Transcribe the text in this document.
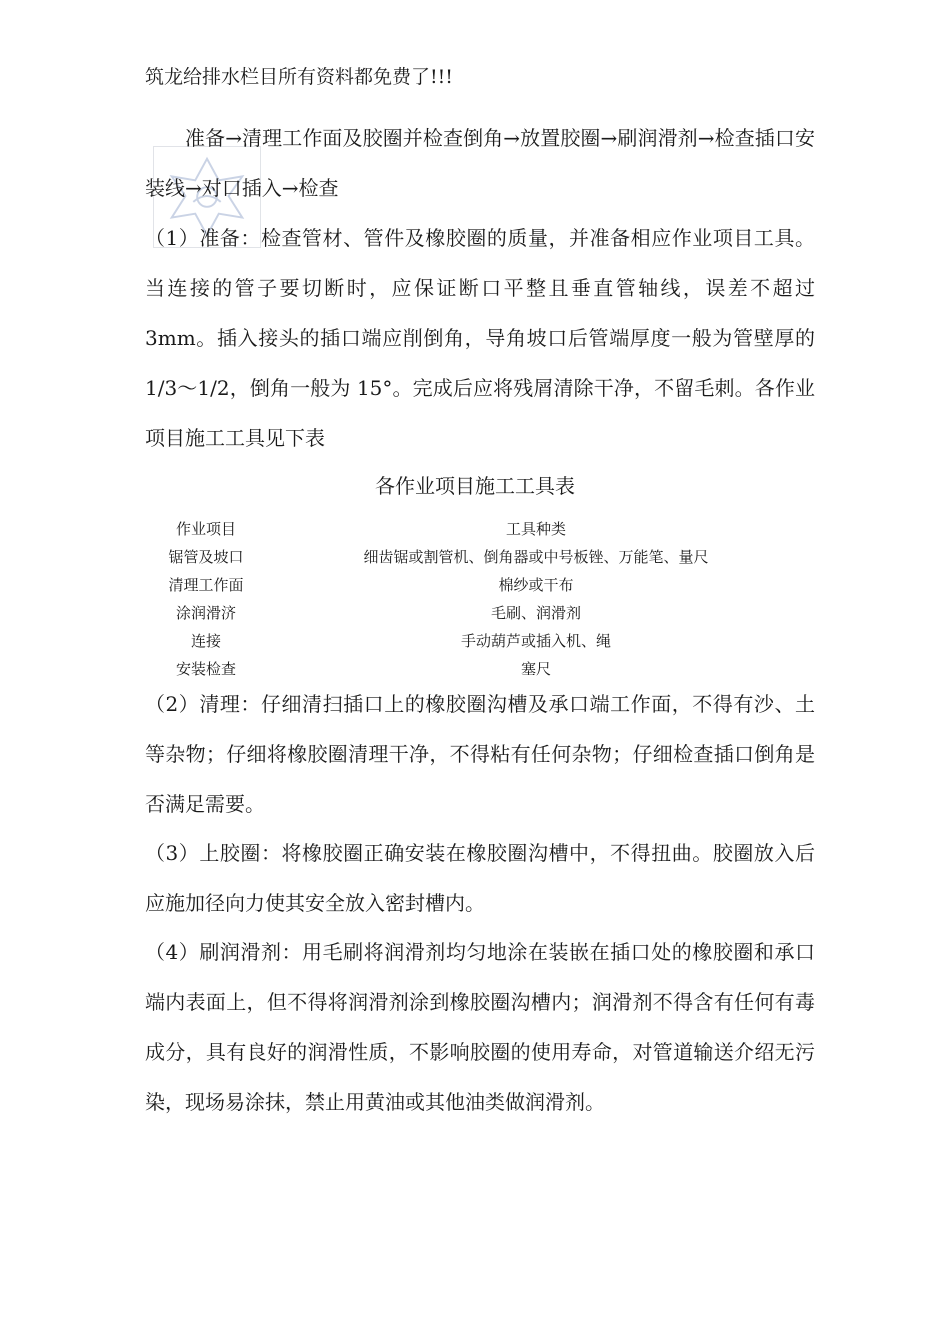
筑龙给排水栏目所有资料都免费了!!!

准备→清理工作面及胶圈并检查倒角→放置胶圈→刷润滑剂→检查插口安装线→对口插入→检查

（1）准备：检查管材、管件及橡胶圈的质量，并准备相应作业项目工具。当连接的管子要切断时，应保证断口平整且垂直管轴线，误差不超过 3mm。插入接头的插口端应削倒角，导角坡口后管端厚度一般为管壁厚的 1/3～1/2，倒角一般为 15°。完成后应将残屑清除干净，不留毛刺。各作业项目施工工具见下表

各作业项目施工工具表
作业项目	工具种类
锯管及坡口	细齿锯或割管机、倒角器或中号板锉、万能笔、量尺
清理工作面	棉纱或干布
涂润滑济	毛刷、润滑剂
连接	手动葫芦或插入机、绳
安装检查	塞尺

（2）清理：仔细清扫插口上的橡胶圈沟槽及承口端工作面，不得有沙、土等杂物；仔细将橡胶圈清理干净，不得粘有任何杂物；仔细检查插口倒角是否满足需要。

（3）上胶圈：将橡胶圈正确安装在橡胶圈沟槽中，不得扭曲。胶圈放入后应施加径向力使其安全放入密封槽内。

（4）刷润滑剂：用毛刷将润滑剂均匀地涂在装嵌在插口处的橡胶圈和承口端内表面上，但不得将润滑剂涂到橡胶圈沟槽内；润滑剂不得含有任何有毒成分，具有良好的润滑性质，不影响胶圈的使用寿命，对管道输送介绍无污染，现场易涂抹，禁止用黄油或其他油类做润滑剂。
